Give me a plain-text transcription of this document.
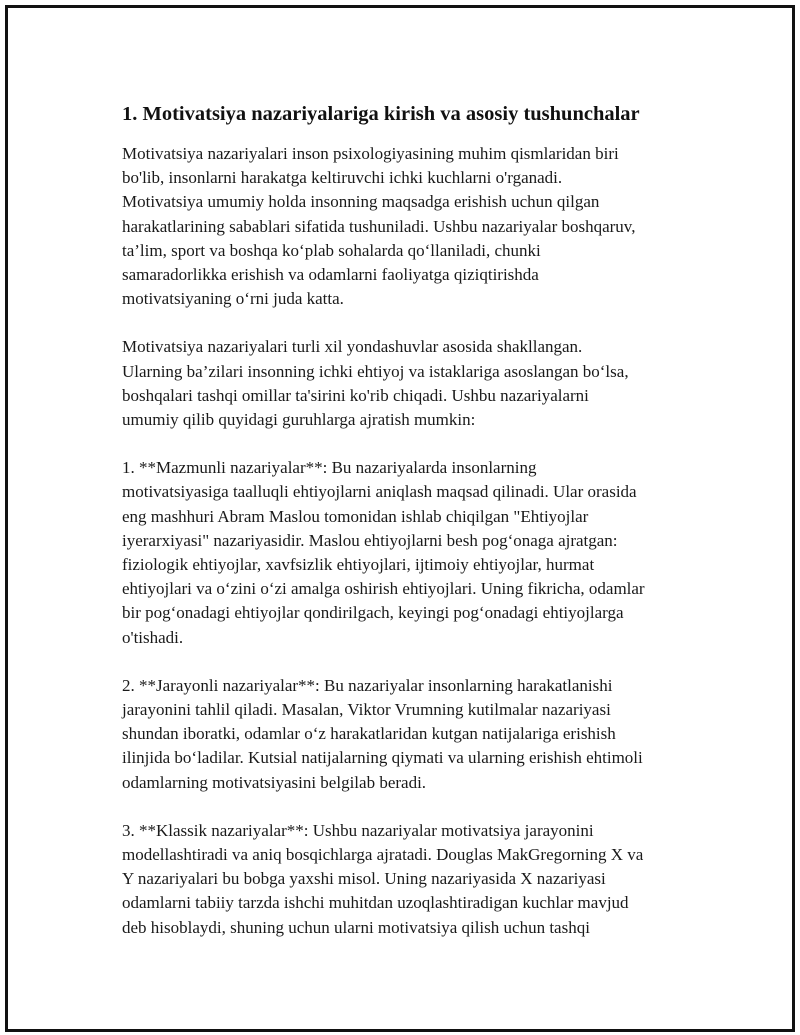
1. Motivatsiya nazariyalariga kirish va asosiy tushunchalar

Motivatsiya nazariyalari inson psixologiyasining muhim qismlaridan biri
bo'lib, insonlarni harakatga keltiruvchi ichki kuchlarni o'rganadi.
Motivatsiya umumiy holda insonning maqsadga erishish uchun qilgan
harakatlarining sabablari sifatida tushuniladi. Ushbu nazariyalar boshqaruv,
ta’lim, sport va boshqa ko‘plab sohalarda qo‘llaniladi, chunki
samaradorlikka erishish va odamlarni faoliyatga qiziqtirishda
motivatsiyaning o‘rni juda katta.

Motivatsiya nazariyalari turli xil yondashuvlar asosida shakllangan.
Ularning ba’zilari insonning ichki ehtiyoj va istaklariga asoslangan bo‘lsa,
boshqalari tashqi omillar ta'sirini ko'rib chiqadi. Ushbu nazariyalarni
umumiy qilib quyidagi guruhlarga ajratish mumkin:

1. **Mazmunli nazariyalar**: Bu nazariyalarda insonlarning
motivatsiyasiga taalluqli ehtiyojlarni aniqlash maqsad qilinadi. Ular orasida
eng mashhuri Abram Maslou tomonidan ishlab chiqilgan "Ehtiyojlar
iyerarxiyasi" nazariyasidir. Maslou ehtiyojlarni besh pog‘onaga ajratgan:
fiziologik ehtiyojlar, xavfsizlik ehtiyojlari, ijtimoiy ehtiyojlar, hurmat
ehtiyojlari va o‘zini o‘zi amalga oshirish ehtiyojlari. Uning fikricha, odamlar
bir pog‘onadagi ehtiyojlar qondirilgach, keyingi pog‘onadagi ehtiyojlarga
o'tishadi.

2. **Jarayonli nazariyalar**: Bu nazariyalar insonlarning harakatlanishi
jarayonini tahlil qiladi. Masalan, Viktor Vrumning kutilmalar nazariyasi
shundan iboratki, odamlar o‘z harakatlaridan kutgan natijalariga erishish
ilinjida bo‘ladilar. Kutsial natijalarning qiymati va ularning erishish ehtimoli
odamlarning motivatsiyasini belgilab beradi.

3. **Klassik nazariyalar**: Ushbu nazariyalar motivatsiya jarayonini
modellashtiradi va aniq bosqichlarga ajratadi. Douglas MakGregorning X va
Y nazariyalari bu bobga yaxshi misol. Uning nazariyasida X nazariyasi
odamlarni tabiiy tarzda ishchi muhitdan uzoqlashtiradigan kuchlar mavjud
deb hisoblaydi, shuning uchun ularni motivatsiya qilish uchun tashqi
